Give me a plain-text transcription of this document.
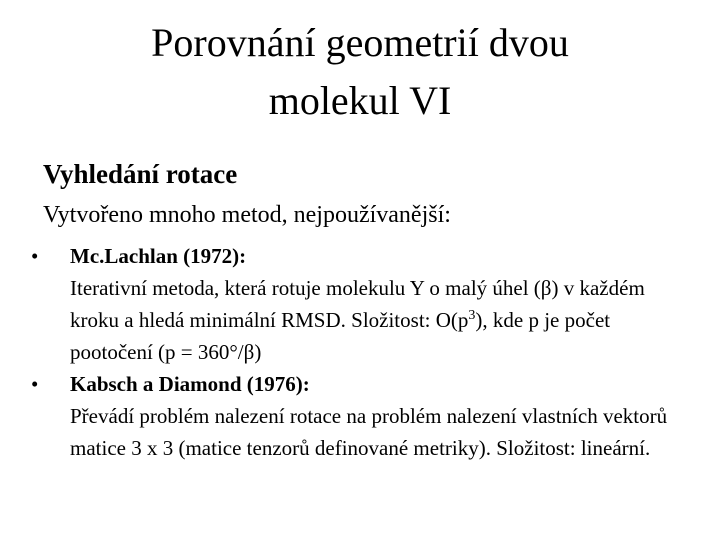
Porovnání geometrií dvou
molekul VI
Vyhledání rotace
Vytvořeno mnoho metod, nejpoužívanější:
• Mc.Lachlan (1972):
Iterativní metoda, která rotuje molekulu Y o malý úhel (β) v každém kroku a hledá minimální RMSD. Složitost: $O(p^3)$, kde p je počet pootočení (p = 360°/β)
• Kabsch a Diamond (1976):
Převádí problém nalezení rotace na problém nalezení vlastních vektorů matice 3 x 3 (matice tenzorů definované metriky). Složitost: lineární.
